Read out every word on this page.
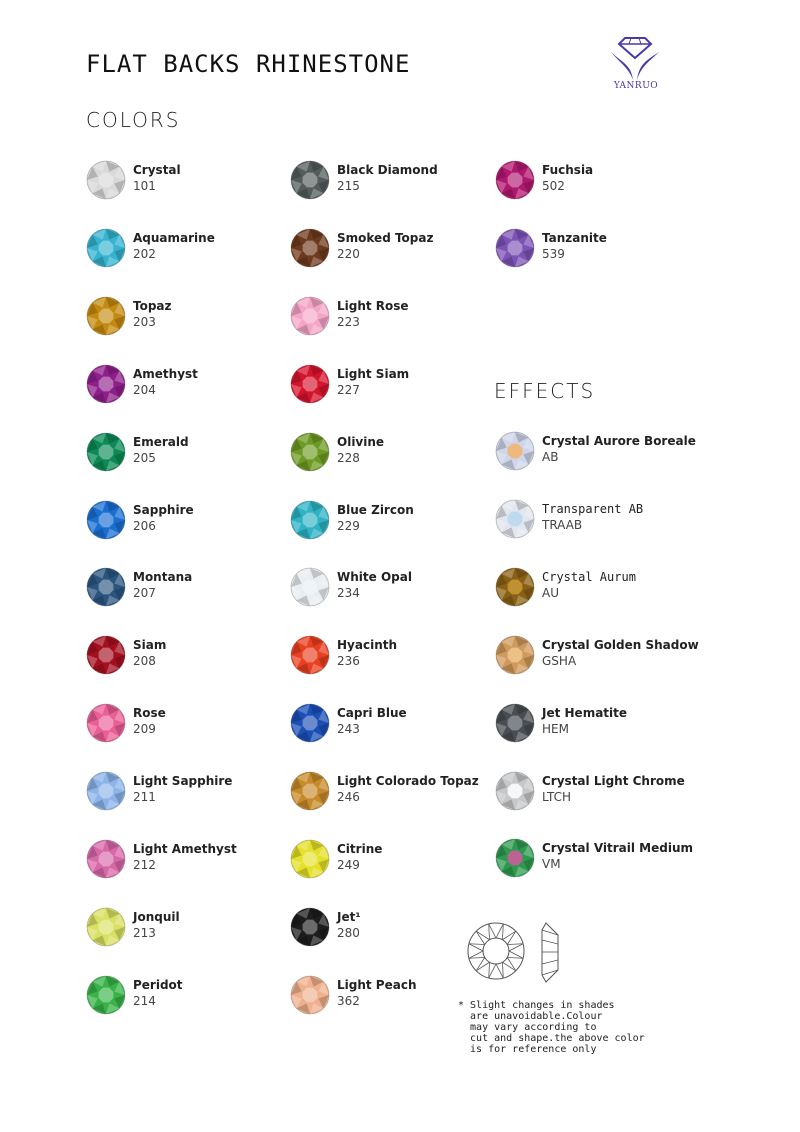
FLAT BACKS RHINESTONE
YANRUO
COLORS
EFFECTS
Crystal
101
Aquamarine
202
Topaz
203
Amethyst
204
Emerald
205
Sapphire
206
Montana
207
Siam
208
Rose
209
Light Sapphire
211
Light Amethyst
212
Jonquil
213
Peridot
214
Black Diamond
215
Smoked Topaz
220
Light Rose
223
Light Siam
227
Olivine
228
Blue Zircon
229
White Opal
234
Hyacinth
236
Capri Blue
243
Light Colorado Topaz
246
Citrine
249
Jet¹
280
Light Peach
362
Fuchsia
502
Tanzanite
539
Crystal Aurore Boreale
AB
Transparent AB
TRAAB
Crystal Aurum
AU
Crystal Golden Shadow
GSHA
Jet Hematite
HEM
Crystal Light Chrome
LTCH
Crystal Vitrail Medium
VM
* Slight changes in shades
are unavoidable.Colour
may vary according to
cut and shape.the above color
is for reference only
